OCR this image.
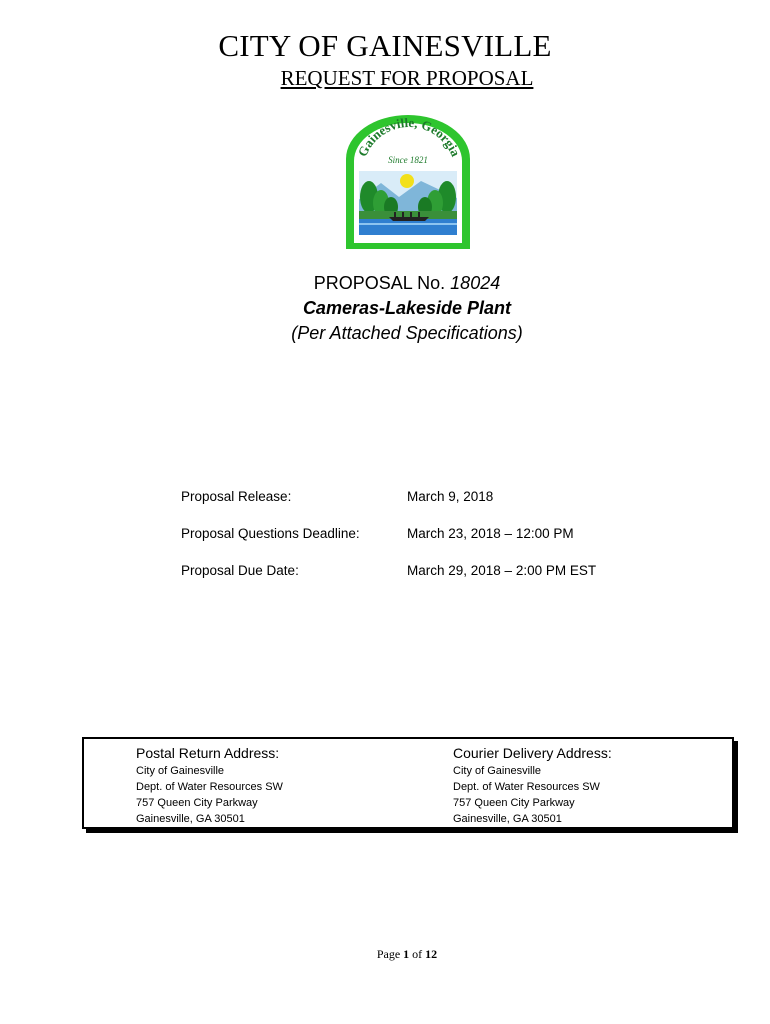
CITY OF GAINESVILLE
REQUEST FOR PROPOSAL
Gainesville, Georgia
Since 1821
PROPOSAL No. 18024
Cameras-Lakeside Plant
(Per Attached Specifications)
Proposal Release:	March 9, 2018
Proposal Questions Deadline:	March 23, 2018 – 12:00 PM
Proposal Due Date:	March 29, 2018 – 2:00 PM EST
Postal Return Address:
City of Gainesville
Dept. of Water Resources SW
757 Queen City Parkway
Gainesville, GA 30501
Courier Delivery Address:
City of Gainesville
Dept. of Water Resources SW
757 Queen City Parkway
Gainesville, GA 30501
Page 1 of 12
